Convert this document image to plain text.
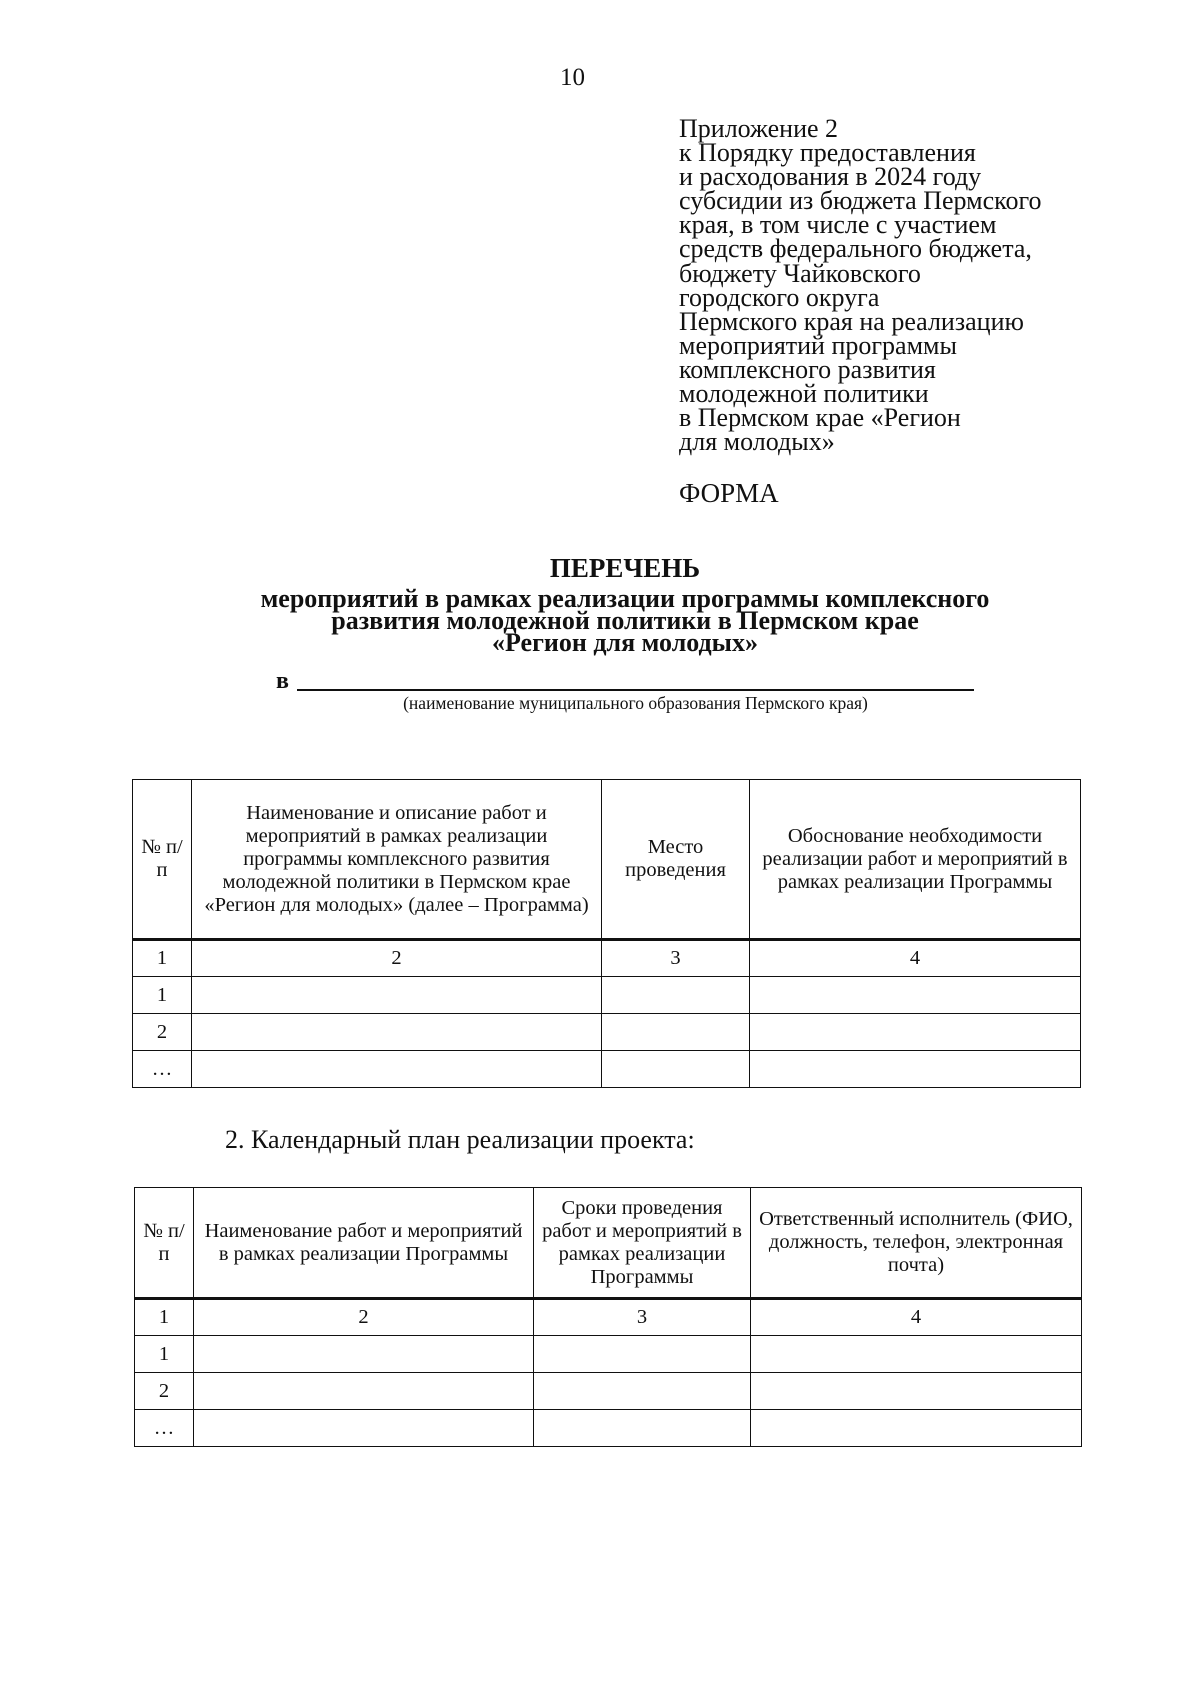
10
Приложение 2
к Порядку предоставления
и расходования в 2024 году
субсидии из бюджета Пермского
края, в том числе с участием
средств федерального бюджета,
бюджету Чайковского
городского округа
Пермского края на реализацию
мероприятий программы
комплексного развития
молодежной политики
в Пермском крае «Регион
для молодых»
ФОРМА
ПЕРЕЧЕНЬ
мероприятий в рамках реализации программы комплексного
развития молодежной политики в Пермском крае
«Регион для молодых»
в
(наименование муниципального образования Пермского края)
№ п/п	Наименование и описание работ и мероприятий в рамках реализации программы комплексного развития молодежной политики в Пермском крае «Регион для молодых» (далее – Программа)	Место проведения	Обоснование необходимости реализации работ и мероприятий в рамках реализации Программы
1	2	3	4
1			
2			
…			
2. Календарный план реализации проекта:
№ п/п	Наименование работ и мероприятий в рамках реализации Программы	Сроки проведения работ и мероприятий в рамках реализации Программы	Ответственный исполнитель (ФИО, должность, телефон, электронная почта)
1	2	3	4
1			
2			
…			
